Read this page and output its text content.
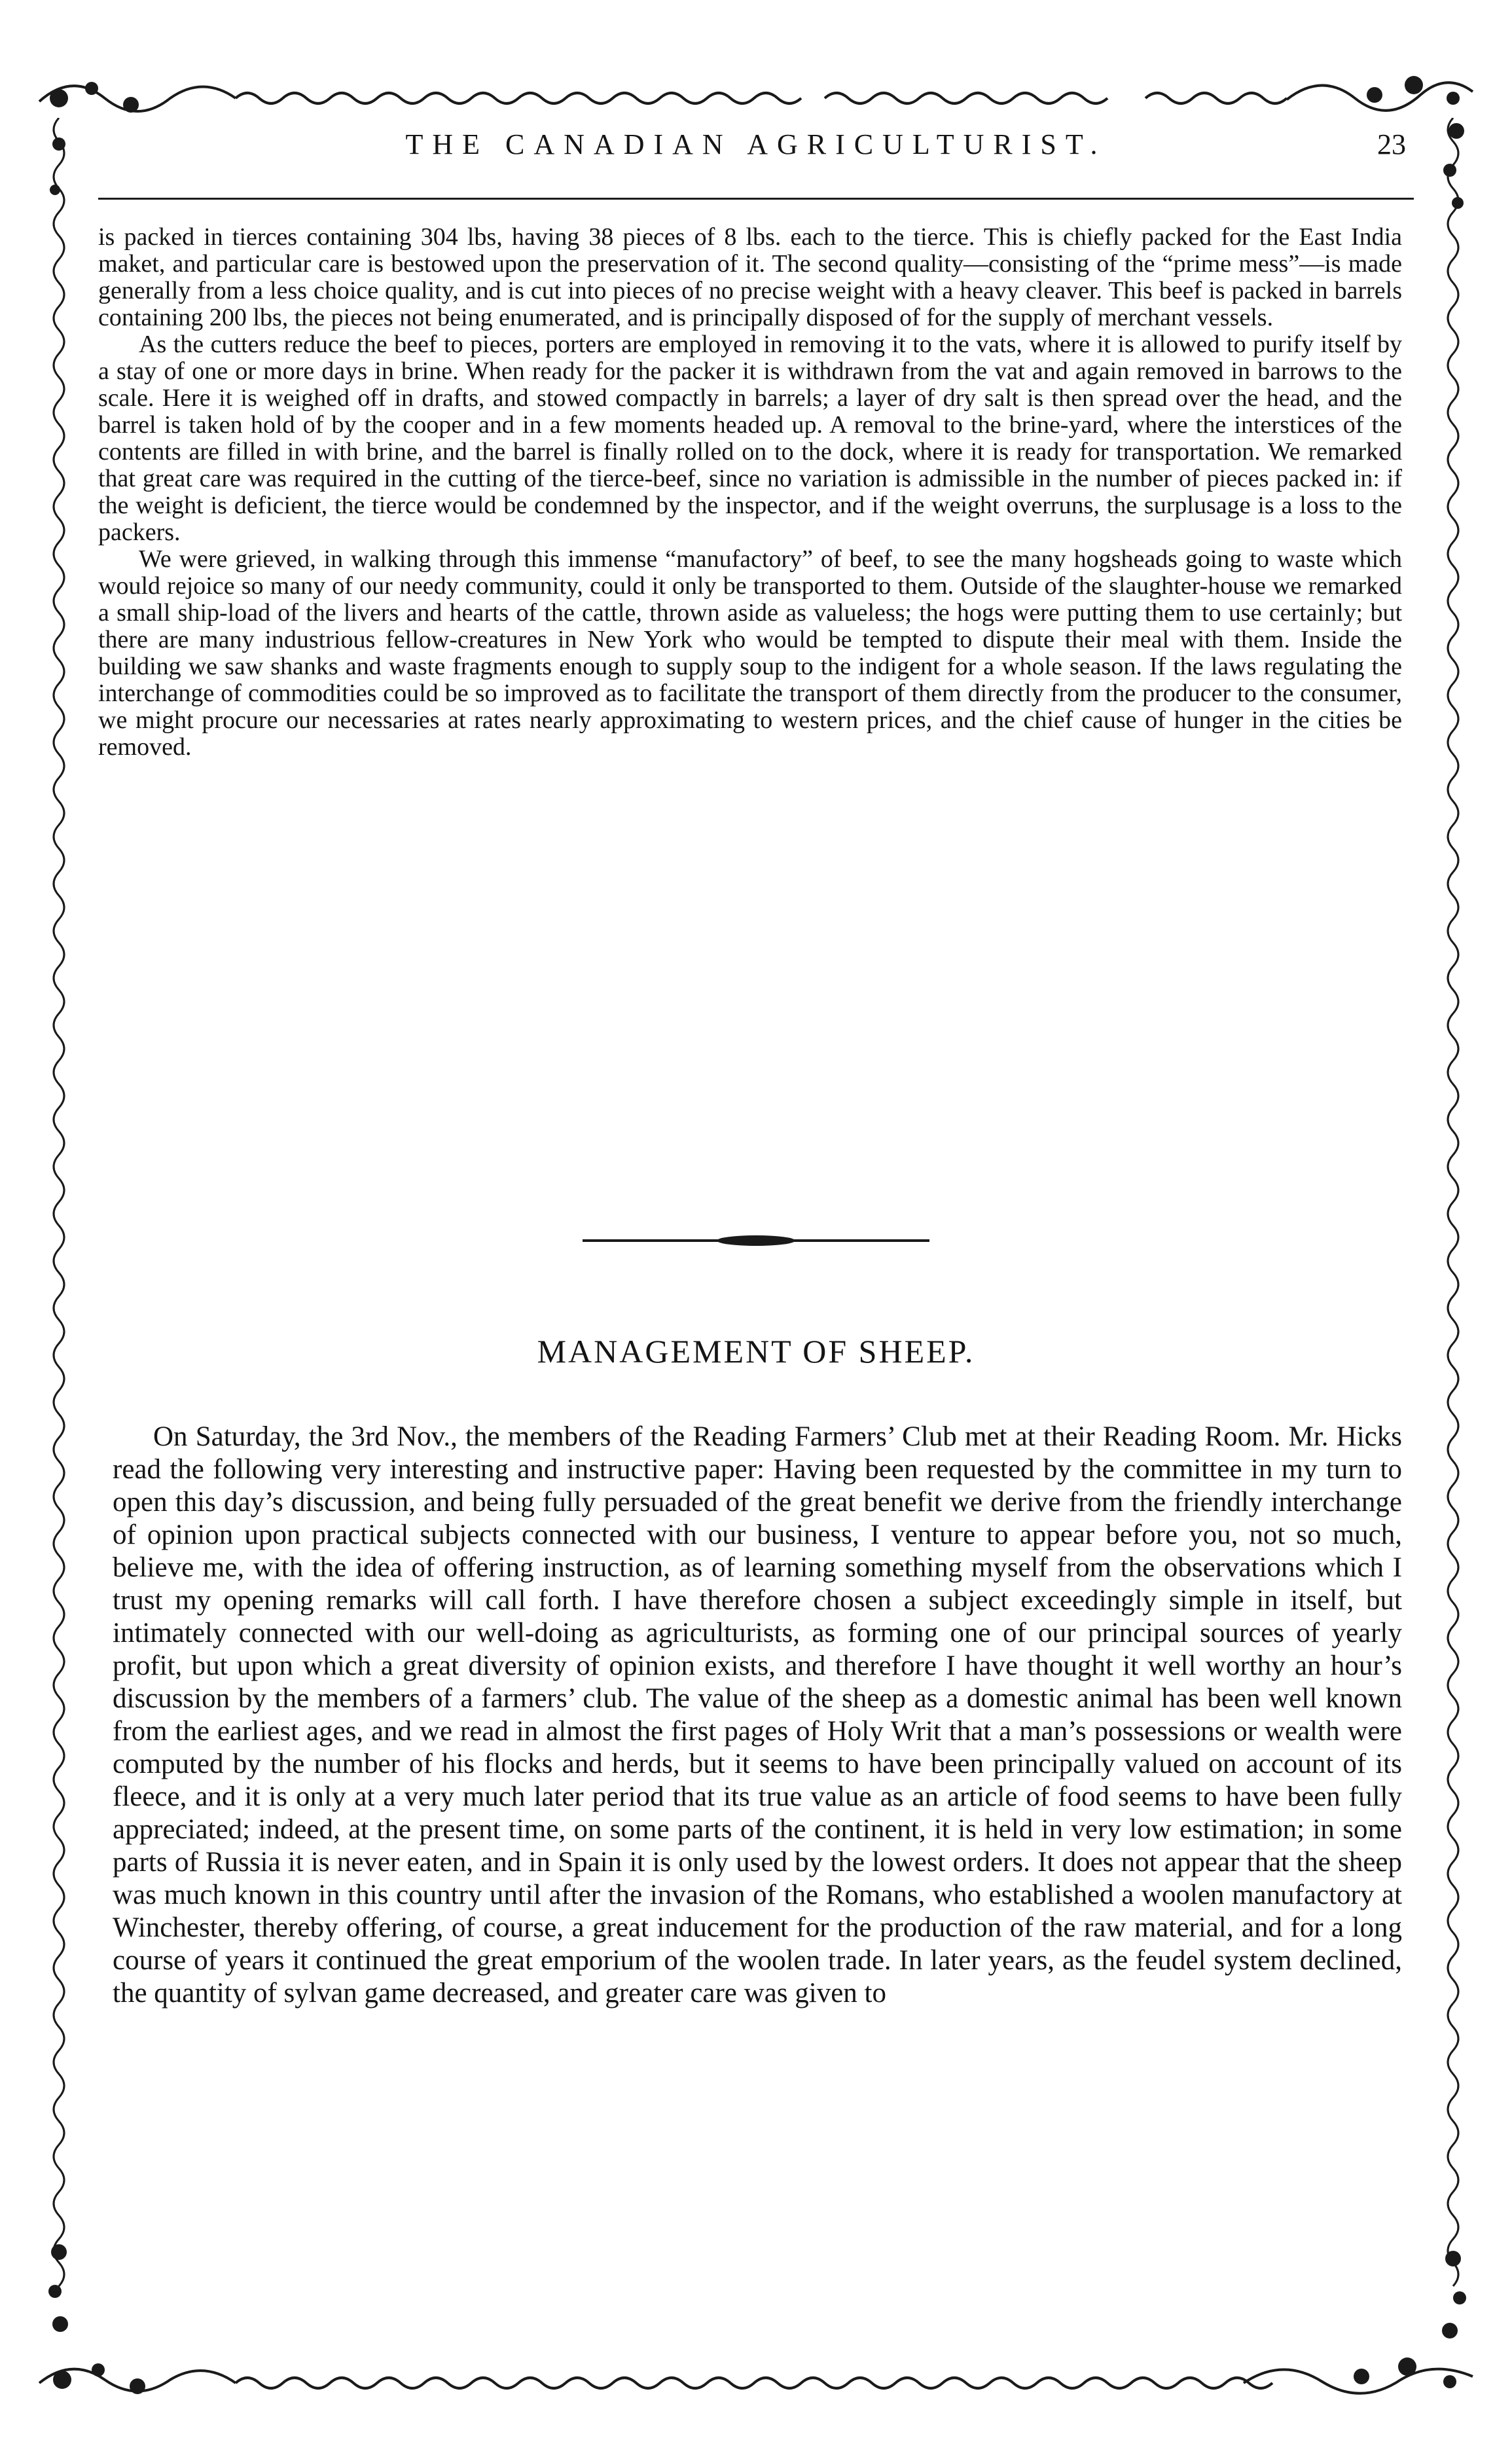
THE CANADIAN AGRICULTURIST.	23

is packed in tierces containing 304 lbs, having 38 pieces of 8 lbs. each to the tierce. This is chiefly packed for the East India maket, and particular care is bestowed upon the preservation of it. The second quality—consisting of the “prime mess”—is made generally from a less choice quality, and is cut into pieces of no precise weight with a heavy cleaver. This beef is packed in barrels containing 200 lbs, the pieces not being enumerated, and is principally disposed of for the supply of merchant vessels.

As the cutters reduce the beef to pieces, porters are employed in removing it to the vats, where it is allowed to purify itself by a stay of one or more days in brine. When ready for the packer it is withdrawn from the vat and again removed in barrows to the scale. Here it is weighed off in drafts, and stowed compactly in barrels; a layer of dry salt is then spread over the head, and the barrel is taken hold of by the cooper and in a few moments headed up. A removal to the brine-yard, where the interstices of the contents are filled in with brine, and the barrel is finally rolled on to the dock, where it is ready for transportation. We remarked that great care was required in the cutting of the tierce-beef, since no variation is admissible in the number of pieces packed in: if the weight is deficient, the tierce would be condemned by the inspector, and if the weight overruns, the surplusage is a loss to the packers.

We were grieved, in walking through this immense “manufactory” of beef, to see the many hogsheads going to waste which would rejoice so many of our needy community, could it only be transported to them. Outside of the slaughter-house we remarked a small ship-load of the livers and hearts of the cattle, thrown aside as valueless; the hogs were putting them to use certainly; but there are many industrious fellow-creatures in New York who would be tempted to dispute their meal with them. Inside the building we saw shanks and waste fragments enough to supply soup to the indigent for a whole season. If the laws regulating the interchange of commodities could be so improved as to facilitate the transport of them directly from the producer to the consumer, we might procure our necessaries at rates nearly approximating to western prices, and the chief cause of hunger in the cities be removed.

MANAGEMENT OF SHEEP.

On Saturday, the 3rd Nov., the members of the Reading Farmers’ Club met at their Reading Room. Mr. Hicks read the following very interesting and instructive paper: Having been requested by the committee in my turn to open this day’s discussion, and being fully persuaded of the great benefit we derive from the friendly interchange of opinion upon practical subjects connected with our business, I venture to appear before you, not so much, believe me, with the idea of offering instruction, as of learning something myself from the observations which I trust my opening remarks will call forth. I have therefore chosen a subject exceedingly simple in itself, but intimately connected with our well-doing as agriculturists, as forming one of our principal sources of yearly profit, but upon which a great diversity of opinion exists, and therefore I have thought it well worthy an hour’s discussion by the members of a farmers’ club. The value of the sheep as a domestic animal has been well known from the earliest ages, and we read in almost the first pages of Holy Writ that a man’s possessions or wealth were computed by the number of his flocks and herds, but it seems to have been principally valued on account of its fleece, and it is only at a very much later period that its true value as an article of food seems to have been fully appreciated; indeed, at the present time, on some parts of the continent, it is held in very low estimation; in some parts of Russia it is never eaten, and in Spain it is only used by the lowest orders. It does not appear that the sheep was much known in this country until after the invasion of the Romans, who established a woolen manufactory at Winchester, thereby offering, of course, a great inducement for the production of the raw material, and for a long course of years it continued the great emporium of the woolen trade. In later years, as the feudel system declined, the quantity of sylvan game decreased, and greater care was given to
